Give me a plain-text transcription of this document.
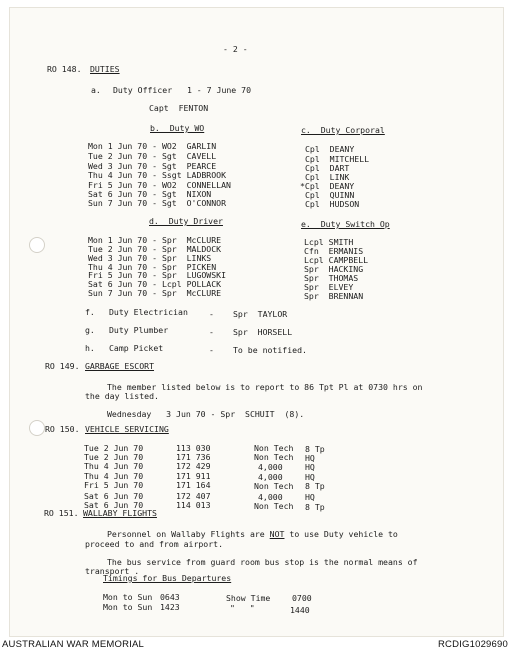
- 2 -
RO 148. DUTIES
a. Duty Officer   1 - 7 June 70
Capt  FENTON
b.  Duty WO	c.  Duty Corporal
Mon 1 Jun 70 - WO2  GARLIN
Tue 2 Jun 70 - Sgt  CAVELL
Wed 3 Jun 70 - Sgt  PEARCE
Thu 4 Jun 70 - Ssgt LADBROOK
Fri 5 Jun 70 - WO2  CONNELLAN
Sat 6 Jun 70 - Sgt  NIXON
Sun 7 Jun 70 - Sgt  O'CONNOR
Cpl  DEANY
Cpl  MITCHELL
Cpl  DART
Cpl  LINK
*Cpl  DEANY
Cpl  QUINN
Cpl  HUDSON
d.  Duty Driver	e.  Duty Switch Op
Mon 1 Jun 70 - Spr  McCLURE
Tue 2 Jun 70 - Spr  MALDOCK
Wed 3 Jun 70 - Spr  LINKS
Thu 4 Jun 70 - Spr  PICKEN
Fri 5 Jun 70 - Spr  LUGOWSKI
Sat 6 Jun 70 - Lcpl POLLACK
Sun 7 Jun 70 - Spr  McCLURE
Lcpl SMITH
Cfn  ERMANIS
Lcpl CAMPBELL
Spr  HACKING
Spr  THOMAS
Spr  ELVEY
Spr  BRENNAN
f. Duty Electrician	- Spr  TAYLOR
g. Duty Plumber	- Spr  HORSELL
h. Camp Picket	- To be notified.
RO 149. GARBAGE ESCORT
The member listed below is to report to 86 Tpt Pl at 0730 hrs on
the day listed.
Wednesday   3 Jun 70 - Spr  SCHUIT  (8).
RO 150. VEHICLE SERVICING
Tue 2 Jun 70	113 030	Non Tech 8 Tp
Tue 2 Jun 70	171 736	Non Tech HQ
Thu 4 Jun 70	172 429	4,000	HQ
Thu 4 Jun 70	171 911	4,000	HQ
Fri 5 Jun 70	171 164	Non Tech 8 Tp
Sat 6 Jun 70	172 407	4,000	HQ
Sat 6 Jun 70	114 013	Non Tech 8 Tp
RO 151. WALLABY FLIGHTS
Personnel on Wallaby Flights are NOT to use Duty vehicle to
proceed to and from airport.
The bus service from guard room bus stop is the normal means of
transport .
Timings for Bus Departures
Mon to Sun 0643	Show Time	0700
Mon to Sun 1423	"   "	1440
AUSTRALIAN WAR MEMORIAL	RCDIG1029690
